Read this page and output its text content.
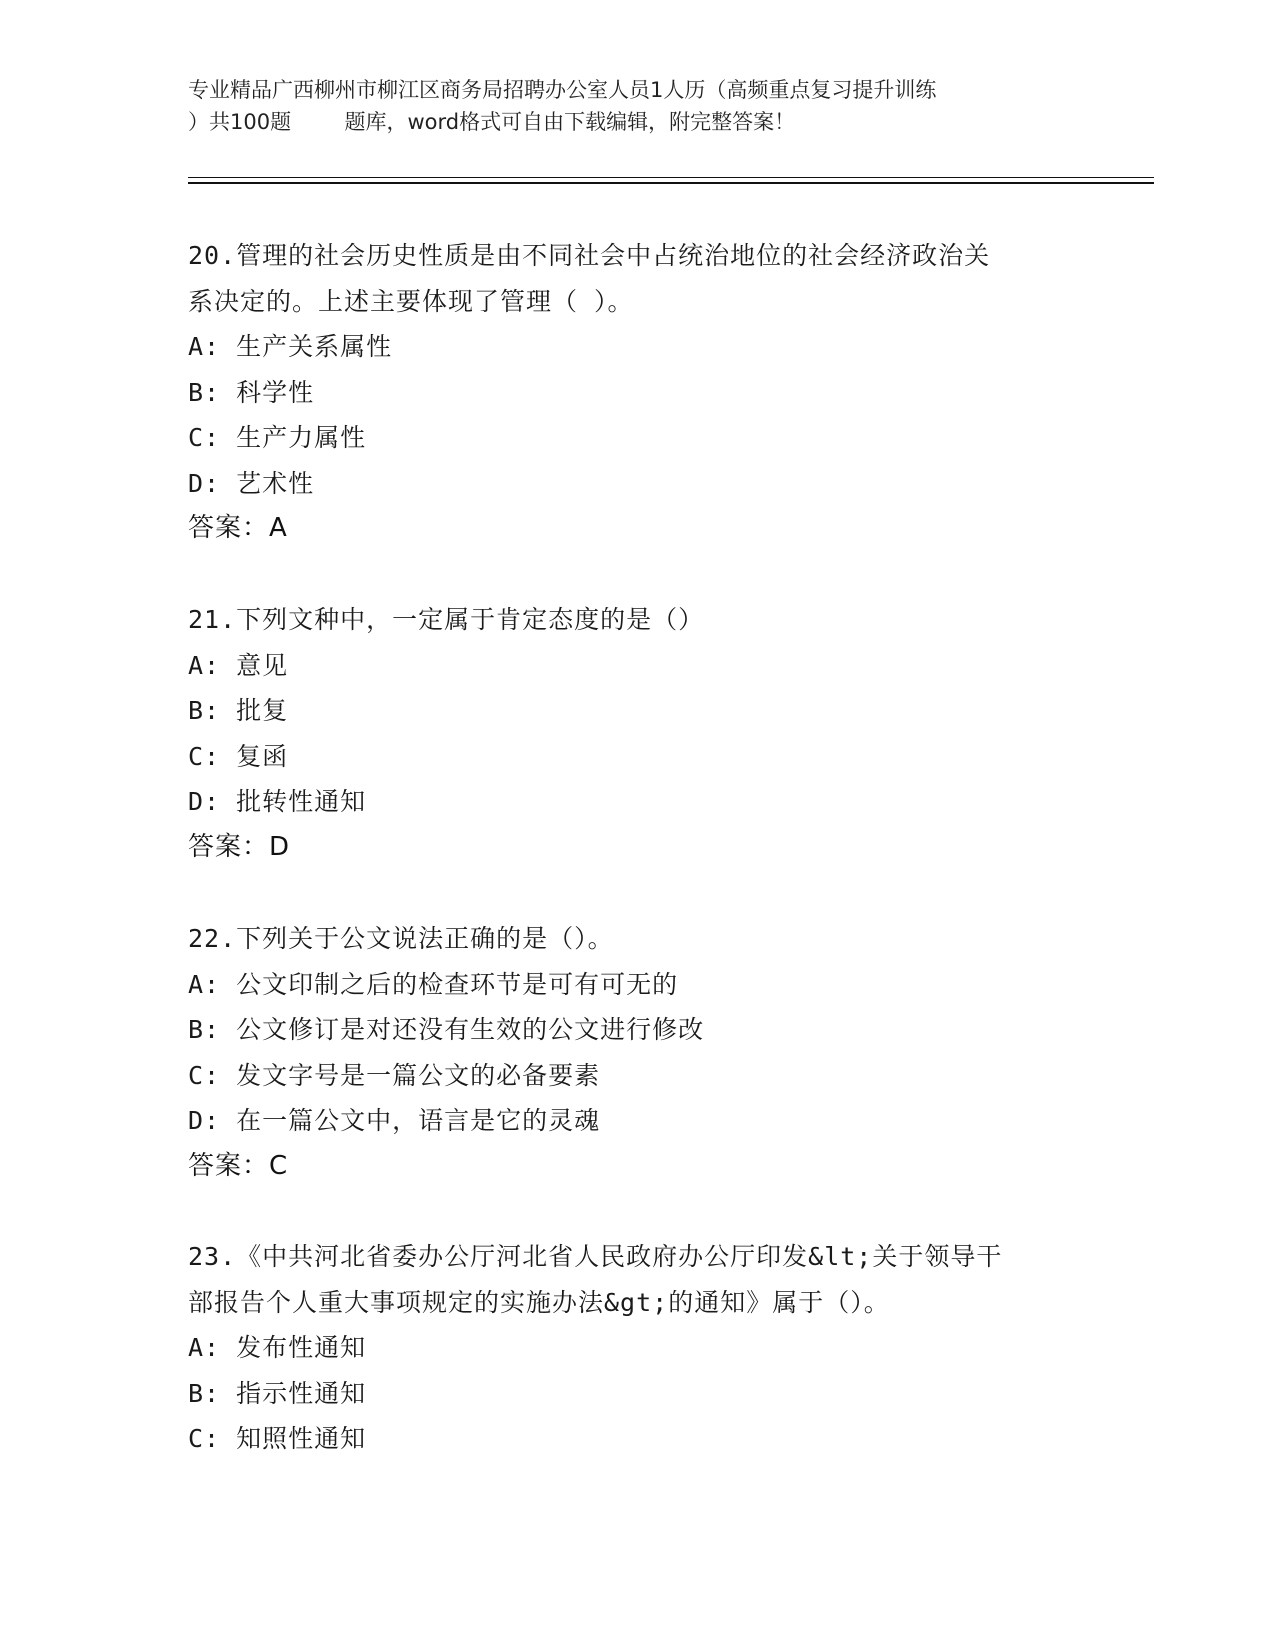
专业精品广西柳州市柳江区商务局招聘办公室人员1人历（高频重点复习提升训练
）共100题        题库，word格式可自由下载编辑，附完整答案！
20.管理的社会历史性质是由不同社会中占统治地位的社会经济政治关
系决定的。上述主要体现了管理（ ）。
A: 生产关系属性
B: 科学性
C: 生产力属性
D: 艺术性
答案：A
21.下列文种中，一定属于肯定态度的是（）
A: 意见
B: 批复
C: 复函
D: 批转性通知
答案：D
22.下列关于公文说法正确的是（）。
A: 公文印制之后的检查环节是可有可无的
B: 公文修订是对还没有生效的公文进行修改
C: 发文字号是一篇公文的必备要素
D: 在一篇公文中，语言是它的灵魂
答案：C
23.《中共河北省委办公厅河北省人民政府办公厅印发&lt;关于领导干
部报告个人重大事项规定的实施办法&gt;的通知》属于（）。
A: 发布性通知
B: 指示性通知
C: 知照性通知
